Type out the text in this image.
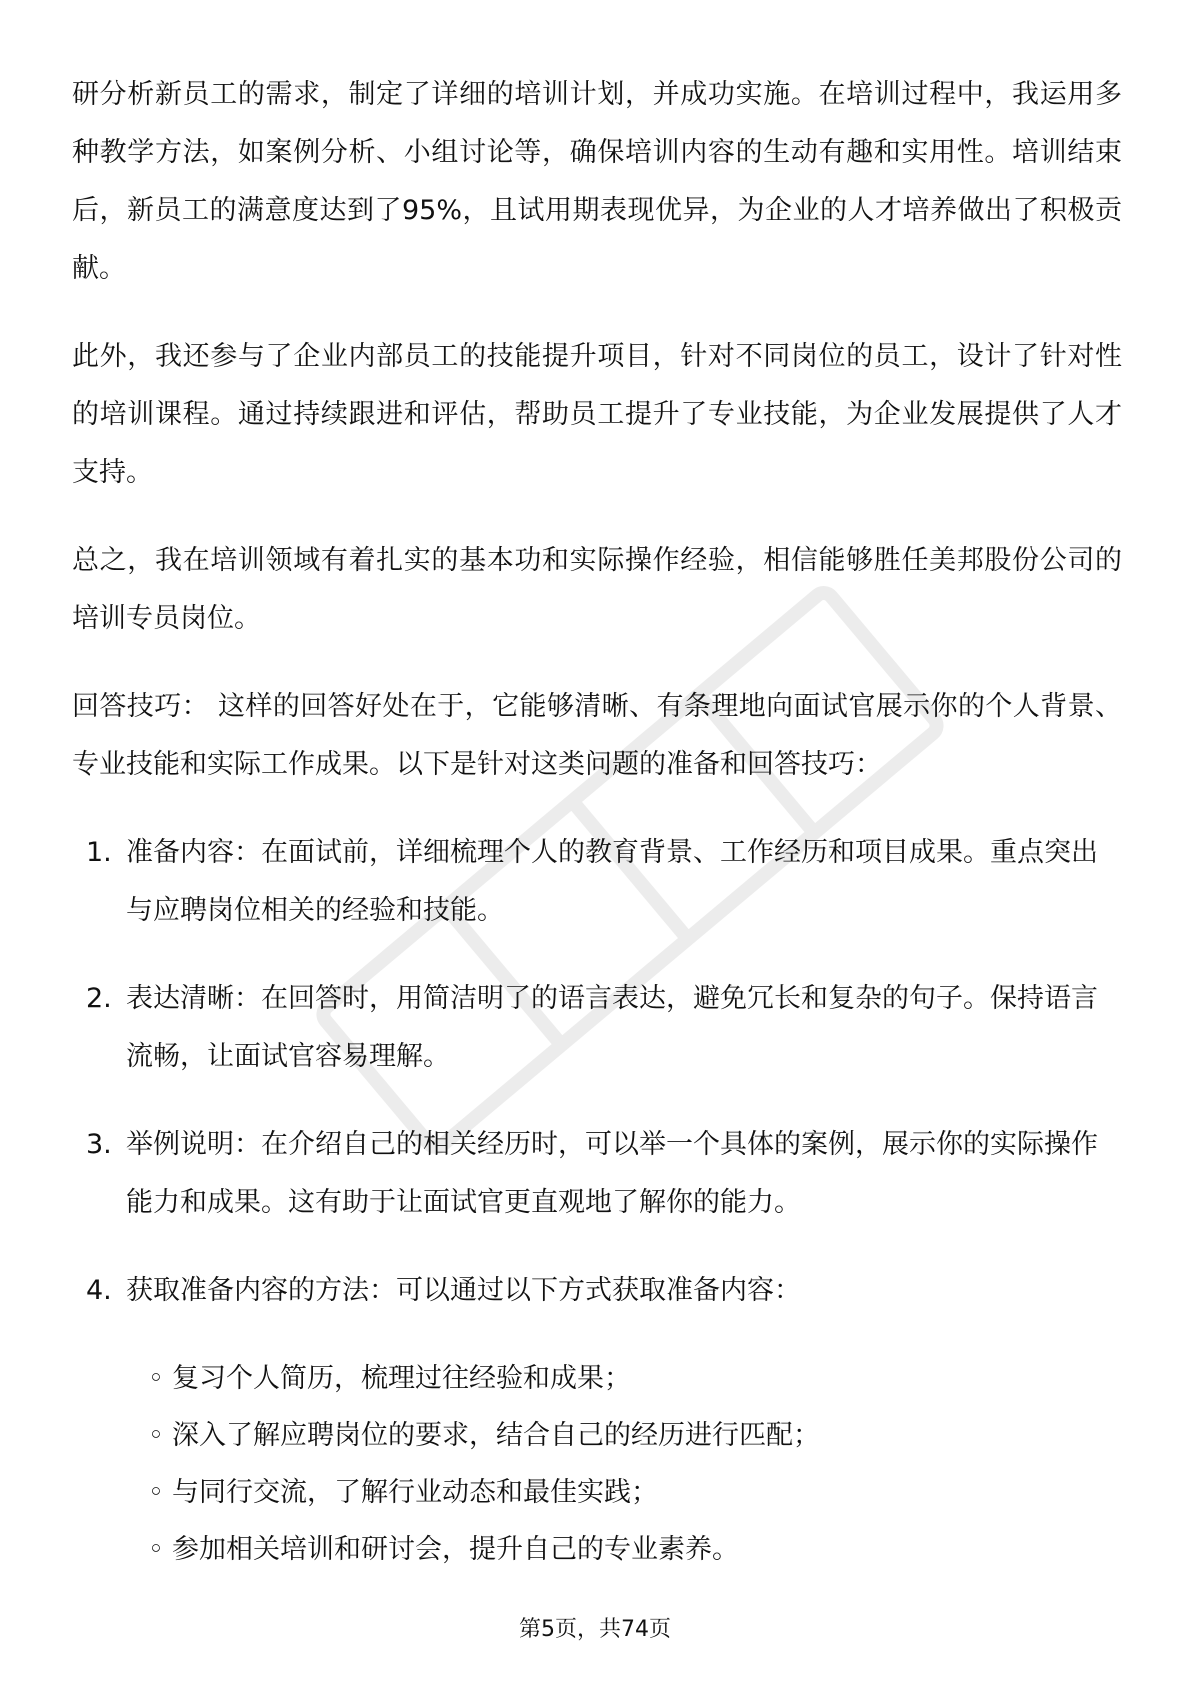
研分析新员工的需求，制定了详细的培训计划，并成功实施。在培训过程中，我运用多种教学方法，如案例分析、小组讨论等，确保培训内容的生动有趣和实用性。培训结束后，新员工的满意度达到了95%，且试用期表现优异，为企业的人才培养做出了积极贡献。

此外，我还参与了企业内部员工的技能提升项目，针对不同岗位的员工，设计了针对性的培训课程。通过持续跟进和评估，帮助员工提升了专业技能，为企业发展提供了人才支持。

总之，我在培训领域有着扎实的基本功和实际操作经验，相信能够胜任美邦股份公司的培训专员岗位。

回答技巧： 这样的回答好处在于，它能够清晰、有条理地向面试官展示你的个人背景、专业技能和实际工作成果。以下是针对这类问题的准备和回答技巧：

1. 准备内容：在面试前，详细梳理个人的教育背景、工作经历和项目成果。重点突出与应聘岗位相关的经验和技能。
2. 表达清晰：在回答时，用简洁明了的语言表达，避免冗长和复杂的句子。保持语言流畅，让面试官容易理解。
3. 举例说明：在介绍自己的相关经历时，可以举一个具体的案例，展示你的实际操作能力和成果。这有助于让面试官更直观地了解你的能力。
4. 获取准备内容的方法：可以通过以下方式获取准备内容：
◦ 复习个人简历，梳理过往经验和成果；
◦ 深入了解应聘岗位的要求，结合自己的经历进行匹配；
◦ 与同行交流，了解行业动态和最佳实践；
◦ 参加相关培训和研讨会，提升自己的专业素养。
第5页，共74页
